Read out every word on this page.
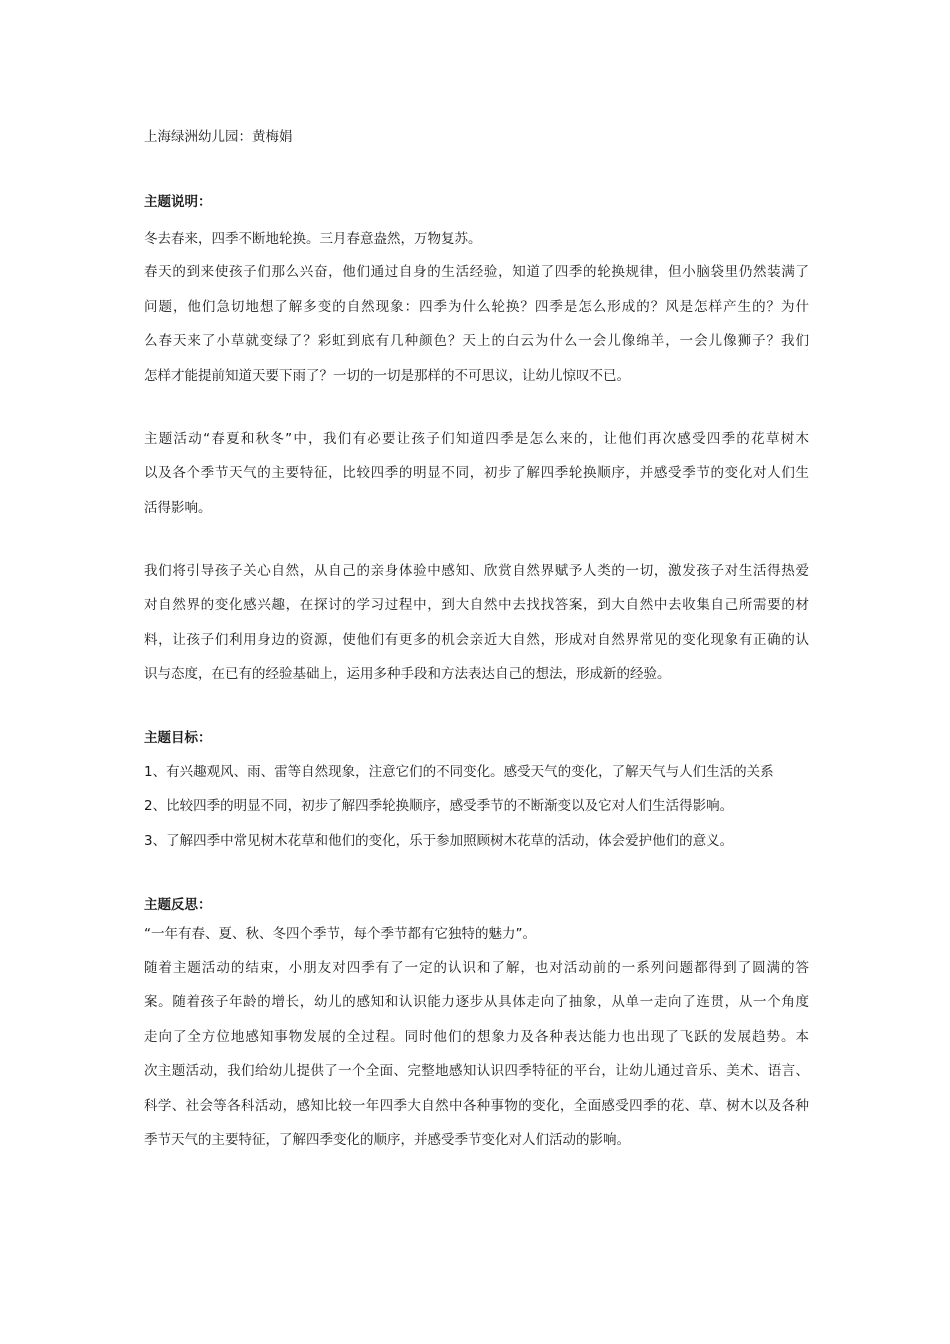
上海绿洲幼儿园：黄梅娟
主题说明：
冬去春来，四季不断地轮换。三月春意盎然，万物复苏。
春天的到来使孩子们那么兴奋，他们通过自身的生活经验，知道了四季的轮换规律，但小脑袋里仍然装满了
问题，他们急切地想了解多变的自然现象：四季为什么轮换？四季是怎么形成的？风是怎样产生的？为什
么春天来了小草就变绿了？彩虹到底有几种颜色？天上的白云为什么一会儿像绵羊，一会儿像狮子？我们
怎样才能提前知道天要下雨了？一切的一切是那样的不可思议，让幼儿惊叹不已。
主题活动“春夏和秋冬”中，我们有必要让孩子们知道四季是怎么来的，让他们再次感受四季的花草树木
以及各个季节天气的主要特征，比较四季的明显不同，初步了解四季轮换顺序，并感受季节的变化对人们生
活得影响。
我们将引导孩子关心自然，从自己的亲身体验中感知、欣赏自然界赋予人类的一切，激发孩子对生活得热爱
对自然界的变化感兴趣，在探讨的学习过程中，到大自然中去找找答案，到大自然中去收集自己所需要的材
料，让孩子们利用身边的资源，使他们有更多的机会亲近大自然，形成对自然界常见的变化现象有正确的认
识与态度，在已有的经验基础上，运用多种手段和方法表达自己的想法，形成新的经验。
主题目标：
1、有兴趣观风、雨、雷等自然现象，注意它们的不同变化。感受天气的变化，了解天气与人们生活的关系
2、比较四季的明显不同，初步了解四季轮换顺序，感受季节的不断渐变以及它对人们生活得影响。
3、了解四季中常见树木花草和他们的变化，乐于参加照顾树木花草的活动，体会爱护他们的意义。
主题反思：
“一年有春、夏、秋、冬四个季节，每个季节都有它独特的魅力”。
随着主题活动的结束，小朋友对四季有了一定的认识和了解，也对活动前的一系列问题都得到了圆满的答
案。随着孩子年龄的增长，幼儿的感知和认识能力逐步从具体走向了抽象，从单一走向了连贯，从一个角度
走向了全方位地感知事物发展的全过程。同时他们的想象力及各种表达能力也出现了飞跃的发展趋势。本
次主题活动，我们给幼儿提供了一个全面、完整地感知认识四季特征的平台，让幼儿通过音乐、美术、语言、
科学、社会等各科活动，感知比较一年四季大自然中各种事物的变化，全面感受四季的花、草、树木以及各种
季节天气的主要特征，了解四季变化的顺序，并感受季节变化对人们活动的影响。
